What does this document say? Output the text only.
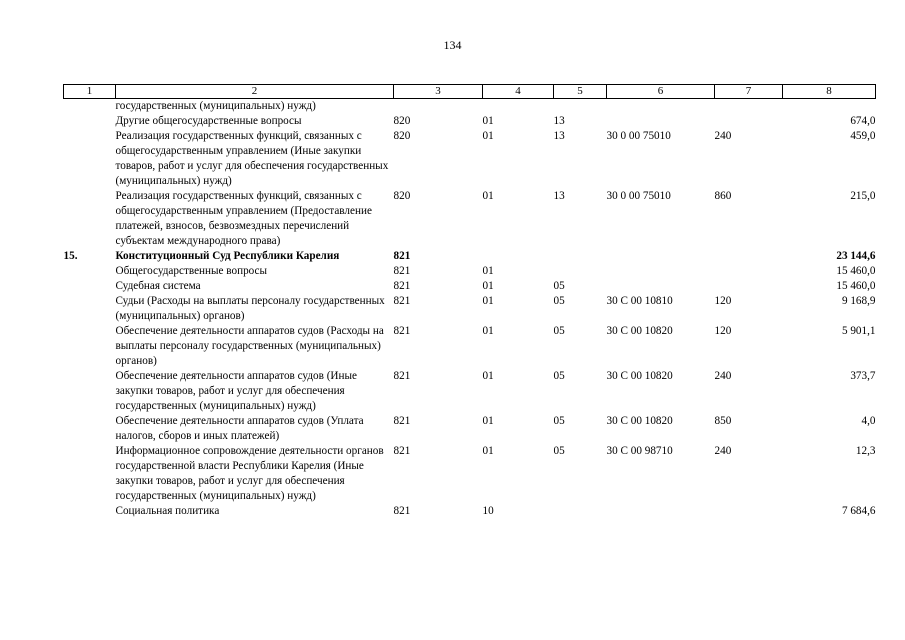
134
1	2	3	4	5	6	7	8
	государственных (муниципальных) нужд)						
	Другие общегосударственные вопросы	820	01	13			674,0
	Реализация государственных функций, связанных с общегосударственным управлением (Иные закупки товаров, работ и услуг для обеспечения государственных (муниципальных) нужд)	820	01	13	30 0 00 75010	240	459,0
	Реализация государственных функций, связанных с общегосударственным управлением (Предоставление платежей, взносов, безвозмездных перечислений субъектам международного права)	820	01	13	30 0 00 75010	860	215,0
15.	Конституционный Суд Республики Карелия	821					23 144,6
	Общегосударственные вопросы	821	01				15 460,0
	Судебная система	821	01	05			15 460,0
	Судьи (Расходы на выплаты персоналу государственных (муниципальных) органов)	821	01	05	30 С 00 10810	120	9 168,9
	Обеспечение деятельности аппаратов судов (Расходы на выплаты персоналу государственных (муниципальных) органов)	821	01	05	30 С 00 10820	120	5 901,1
	Обеспечение деятельности аппаратов судов (Иные закупки товаров, работ и услуг для обеспечения государственных (муниципальных) нужд)	821	01	05	30 С 00 10820	240	373,7
	Обеспечение деятельности аппаратов судов (Уплата налогов, сборов и иных платежей)	821	01	05	30 С 00 10820	850	4,0
	Информационное сопровождение деятельности органов государственной власти Республики Карелия (Иные закупки товаров, работ и услуг для обеспечения государственных (муниципальных) нужд)	821	01	05	30 С 00 98710	240	12,3
	Социальная политика	821	10				7 684,6
